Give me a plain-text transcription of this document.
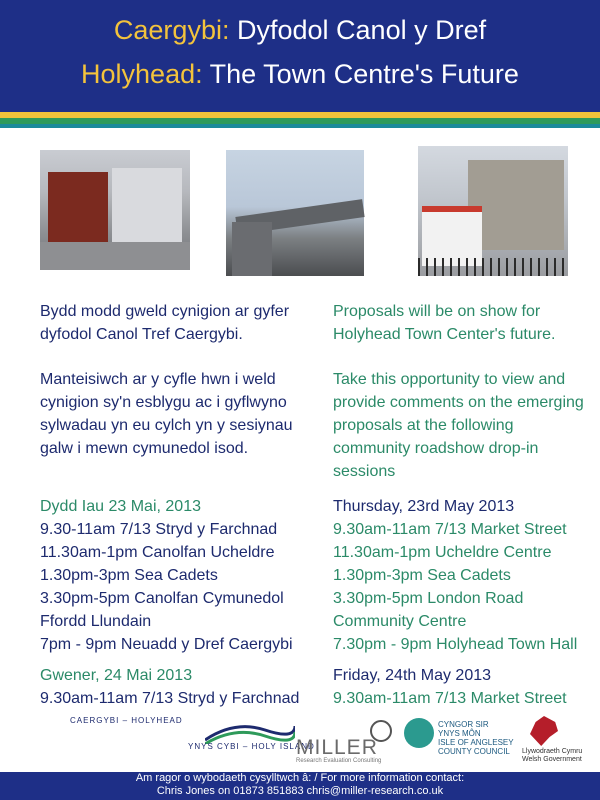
Caergybi: Dyfodol Canol y Dref
Holyhead: The Town Centre's Future
Bydd modd gweld cynigion ar gyfer
dyfodol Canol Tref Caergybi.
Manteisiwch ar y cyfle hwn i weld
cynigion sy'n esblygu ac i gyflwyno
sylwadau yn eu cylch yn y sesiynau
galw i mewn cymunedol isod.
Dydd Iau 23 Mai, 2013
9.30-11am 7/13 Stryd y Farchnad
11.30am-1pm Canolfan Ucheldre
1.30pm-3pm Sea Cadets
3.30pm-5pm Canolfan Cymunedol
Ffordd Llundain
7pm - 9pm Neuadd y Dref Caergybi
Gwener, 24 Mai 2013
9.30am-11am 7/13 Stryd y Farchnad
Proposals will be on show for
Holyhead Town Center's future.
Take this opportunity to view and
provide comments on the emerging
proposals at the following
community roadshow drop-in
sessions
Thursday, 23rd May 2013
9.30am-11am 7/13 Market Street
11.30am-1pm Ucheldre Centre
1.30pm-3pm Sea Cadets
3.30pm-5pm London Road
Community Centre
7.30pm - 9pm Holyhead Town Hall
Friday, 24th May 2013
9.30am-11am 7/13 Market Street
CAERGYBI – HOLYHEAD
YNYS CYBI – HOLY ISLAND
MILLER
Research Evaluation Consulting
CYNGOR SIR
YNYS MÔN
ISLE OF ANGLESEY
COUNTY COUNCIL	Llywodraeth Cymru
Welsh Government
Am ragor o wybodaeth cysylltwch â: / For more information contact:
Chris Jones on 01873 851883 chris@miller-research.co.uk
